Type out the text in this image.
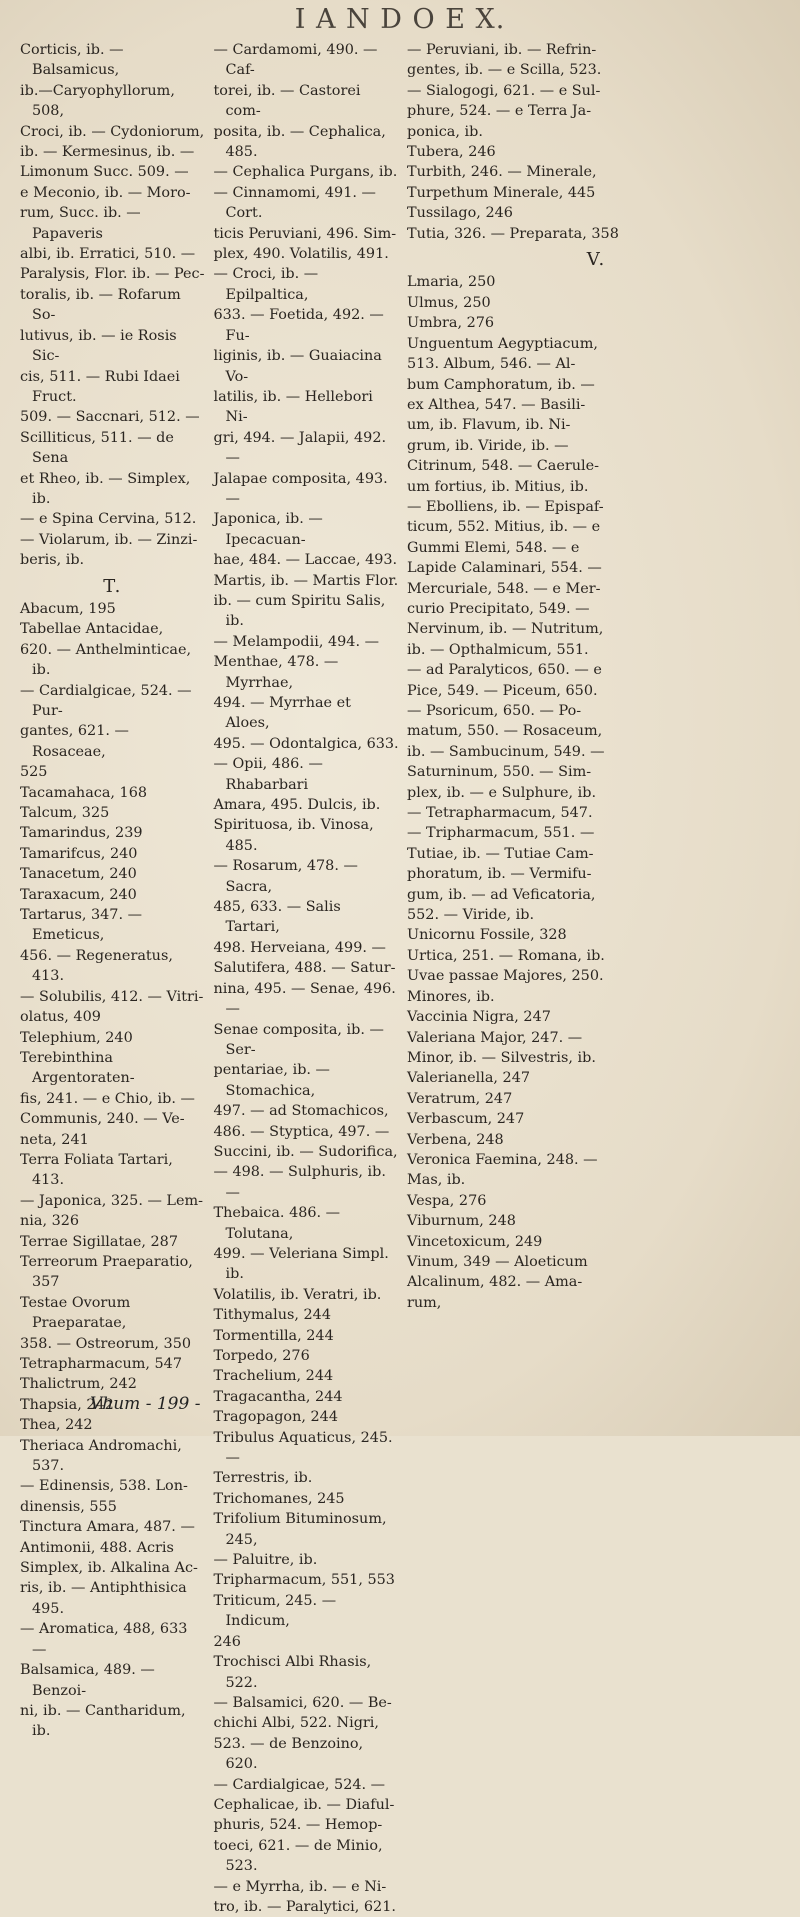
I A N D O E X.

Corticis, ib. —Balsamicus,

ib.—Caryophyllorum, 508,

Croci, ib. — Cydoniorum,

ib. — Kermesinus, ib. —

Limonum Succ. 509. —

e Meconio, ib. — Moro-

rum, Succ. ib. — Papaveris

albi, ib. Erratici, 510. —

Paralysis, Flor. ib. — Pec-

toralis, ib. — Rofarum So-

lutivus, ib. — ie Rosis Sic-

cis, 511. — Rubi Idaei Fruct.

509. — Saccnari, 512. —

Scilliticus, 511. — de Sena

et Rheo, ib. — Simplex, ib.

— e Spina Cervina, 512.

— Violarum, ib. — Zinzi-

beris, ib.

T.

Abacum, 195

Tabellae Antacidae,

620. — Anthelminticae, ib.

— Cardialgicae, 524. — Pur-

gantes, 621. — Rosaceae,

525

Tacamahaca, 168

Talcum, 325

Tamarindus, 239

Tamarifcus, 240

Tanacetum, 240

Taraxacum, 240

Tartarus, 347. — Emeticus,

456. — Regeneratus, 413.

— Solubilis, 412. — Vitri-

olatus, 409

Telephium, 240

Terebinthina Argentoraten-

fis, 241. — e Chio, ib. —

Communis, 240. — Ve-

neta, 241

Terra Foliata Tartari, 413.

— Japonica, 325. — Lem-

nia, 326

Terrae Sigillatae, 287

Terreorum Praeparatio, 357

Testae Ovorum Praeparatae,

358. — Ostreorum, 350

Tetrapharmacum, 547

Thalictrum, 242

Thapsia, 242

Thea, 242

Theriaca Andromachi, 537.

— Edinensis, 538. Lon-

dinensis, 555

Tinctura Amara, 487. —

Antimonii, 488. Acris

Simplex, ib. Alkalina Ac-

ris, ib. — Antiphthisica 495.

— Aromatica, 488, 633 —

Balsamica, 489. — Benzoi-

ni, ib. — Cantharidum, ib.

— Cardamomi, 490. — Caf-

torei, ib. — Castorei com-

posita, ib. — Cephalica, 485.

— Cephalica Purgans, ib.

— Cinnamomi, 491. — Cort.

ticis Peruviani, 496. Sim-

plex, 490. Volatilis, 491.

— Croci, ib. — Epilpaltica,

633. — Foetida, 492. — Fu-

liginis, ib. — Guaiacina Vo-

latilis, ib. — Hellebori Ni-

gri, 494. — Jalapii, 492. —

Jalapae composita, 493. —

Japonica, ib. — Ipecacuan-

hae, 484. — Laccae, 493.

Martis, ib. — Martis Flor.

ib. — cum Spiritu Salis, ib.

— Melampodii, 494. —

Menthae, 478. — Myrrhae,

494. — Myrrhae et Aloes,

495. — Odontalgica, 633.

— Opii, 486. — Rhabarbari

Amara, 495. Dulcis, ib.

Spirituosa, ib. Vinosa, 485.

— Rosarum, 478. — Sacra,

485, 633. — Salis Tartari,

498. Herveiana, 499. —

Salutifera, 488. — Satur-

nina, 495. — Senae, 496. —

Senae composita, ib. — Ser-

pentariae, ib. — Stomachica,

497. — ad Stomachicos,

486. — Styptica, 497. —

Succini, ib. — Sudorifica,

— 498. — Sulphuris, ib. —

Thebaica. 486. — Tolutana,

499. — Veleriana Simpl. ib.

Volatilis, ib. Veratri, ib.

Tithymalus, 244

Tormentilla, 244

Torpedo, 276

Trachelium, 244

Tragacantha, 244

Tragopagon, 244

Tribulus Aquaticus, 245. —

Terrestris, ib.

Trichomanes, 245

Trifolium Bituminosum, 245,

— Paluitre, ib.

Tripharmacum, 551, 553

Triticum, 245. — Indicum,

246

Trochisci Albi Rhasis, 522.

— Balsamici, 620. — Be-

chichi Albi, 522. Nigri,

523. — de Benzoino, 620.

— Cardialgicae, 524. —

Cephalicae, ib. — Diaful-

phuris, 524. — Hemop-

toeci, 621. — de Minio, 523.

— e Myrrha, ib. — e Ni-

tro, ib. — Paralytici, 621.

— Peruviani, ib. — Refrin-

gentes, ib. — e Scilla, 523.

— Sialogogi, 621. — e Sul-

phure, 524. — e Terra Ja-

ponica, ib.

Tubera, 246

Turbith, 246. — Minerale,

Turpethum Minerale, 445

Tussilago, 246

Tutia, 326. — Preparata, 358

V.

Lmaria, 250

Ulmus, 250

Umbra, 276

Unguentum Aegyptiacum,

513. Album, 546. — Al-

bum Camphoratum, ib. —

ex Althea, 547. — Basili-

um, ib. Flavum, ib. Ni-

grum, ib. Viride, ib. —

Citrinum, 548. — Caerule-

um fortius, ib. Mitius, ib.

— Ebolliens, ib. — Epispaf-

ticum, 552. Mitius, ib. — e

Gummi Elemi, 548. — e

Lapide Calaminari, 554. —

Mercuriale, 548. — e Mer-

curio Precipitato, 549. —

Nervinum, ib. — Nutritum,

ib. — Opthalmicum, 551.

— ad Paralyticos, 650. — e

Pice, 549. — Piceum, 650.

— Psoricum, 650. — Po-

matum, 550. — Rosaceum,

ib. — Sambucinum, 549. —

Saturninum, 550. — Sim-

plex, ib. — e Sulphure, ib.

— Tetrapharmacum, 547.

— Tripharmacum, 551. —

Tutiae, ib. — Tutiae Cam-

phoratum, ib. — Vermifu-

gum, ib. — ad Veficatoria,

552. — Viride, ib.

Unicornu Fossile, 328

Urtica, 251. — Romana, ib.

Uvae passae Majores, 250.

Minores, ib.

Vaccinia Nigra, 247

Valeriana Major, 247. —

Minor, ib. — Silvestris, ib.

Valerianella, 247

Veratrum, 247

Verbascum, 247

Verbena, 248

Veronica Faemina, 248. —

Mas, ib.

Vespa, 276

Viburnum, 248

Vincetoxicum, 249

Vinum, 349 — Aloeticum

Alcalinum, 482. — Ama-

rum,

Vhum - 199 -
